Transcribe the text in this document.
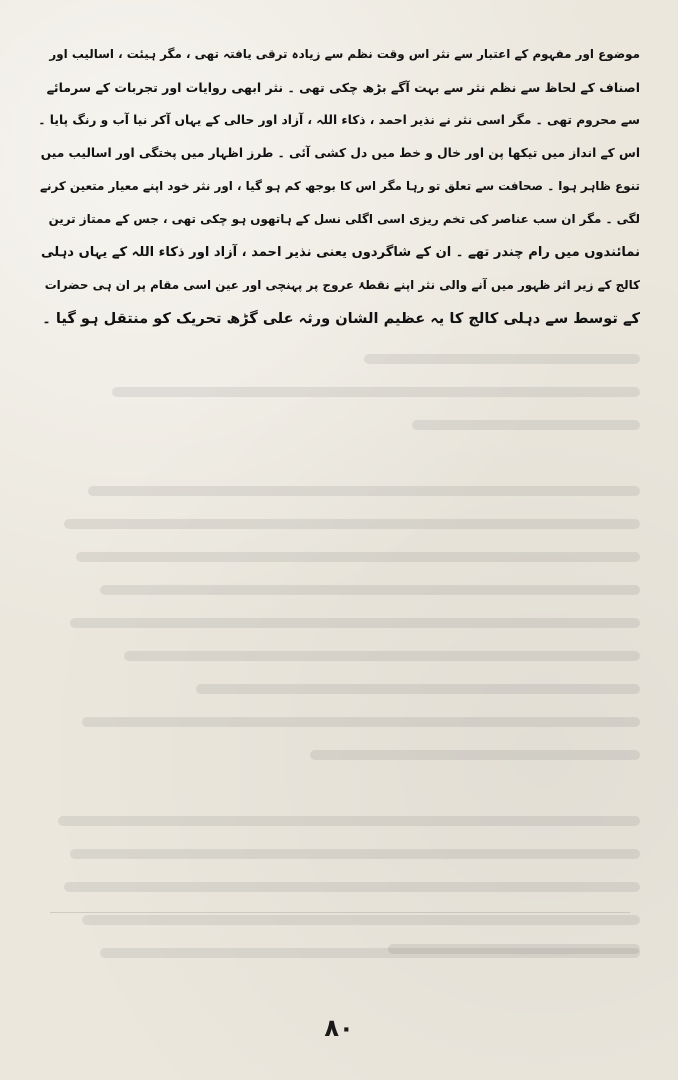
موضوع اور مفہوم کے اعتبار سے نثر اس وقت نظم سے زیادہ ترقی یافتہ تھی ، مگر ہیئت ، اسالیب اور
اصناف کے لحاظ سے نظم نثر سے بہت آگے بڑھ چکی تھی ۔ نثر ابھی روایات اور تجربات کے سرمائے
سے محروم تھی ۔ مگر اسی نثر نے نذیر احمد ، ذکاء اللہ ، آزاد اور حالی کے یہاں آکر نیا آب و رنگ پایا ۔
اس کے انداز میں تیکھا پن اور خال و خط میں دل کشی آئی ۔ طرز اظہار میں پختگی اور اسالیب میں
تنوع ظاہر ہوا ۔ صحافت سے تعلق تو رہا مگر اس کا بوجھ کم ہو گیا ، اور نثر خود اپنے معیار متعین کرنے
لگی ۔ مگر ان سب عناصر کی تخم ریزی اسی اگلی نسل کے ہاتھوں ہو چکی تھی ، جس کے ممتاز ترین
نمائندوں میں رام چندر تھے ۔ ان کے شاگردوں یعنی نذیر احمد ، آزاد اور ذکاء اللہ کے یہاں دہلی
کالج کے زیر اثر ظہور میں آنے والی نثر اپنے نقطۂ عروج پر پہنچی اور عین اسی مقام پر ان ہی حضرات
کے توسط سے دہلی کالج کا یہ عظیم الشان ورثہ علی گڑھ تحریک کو منتقل ہو گیا ۔
۸۰
